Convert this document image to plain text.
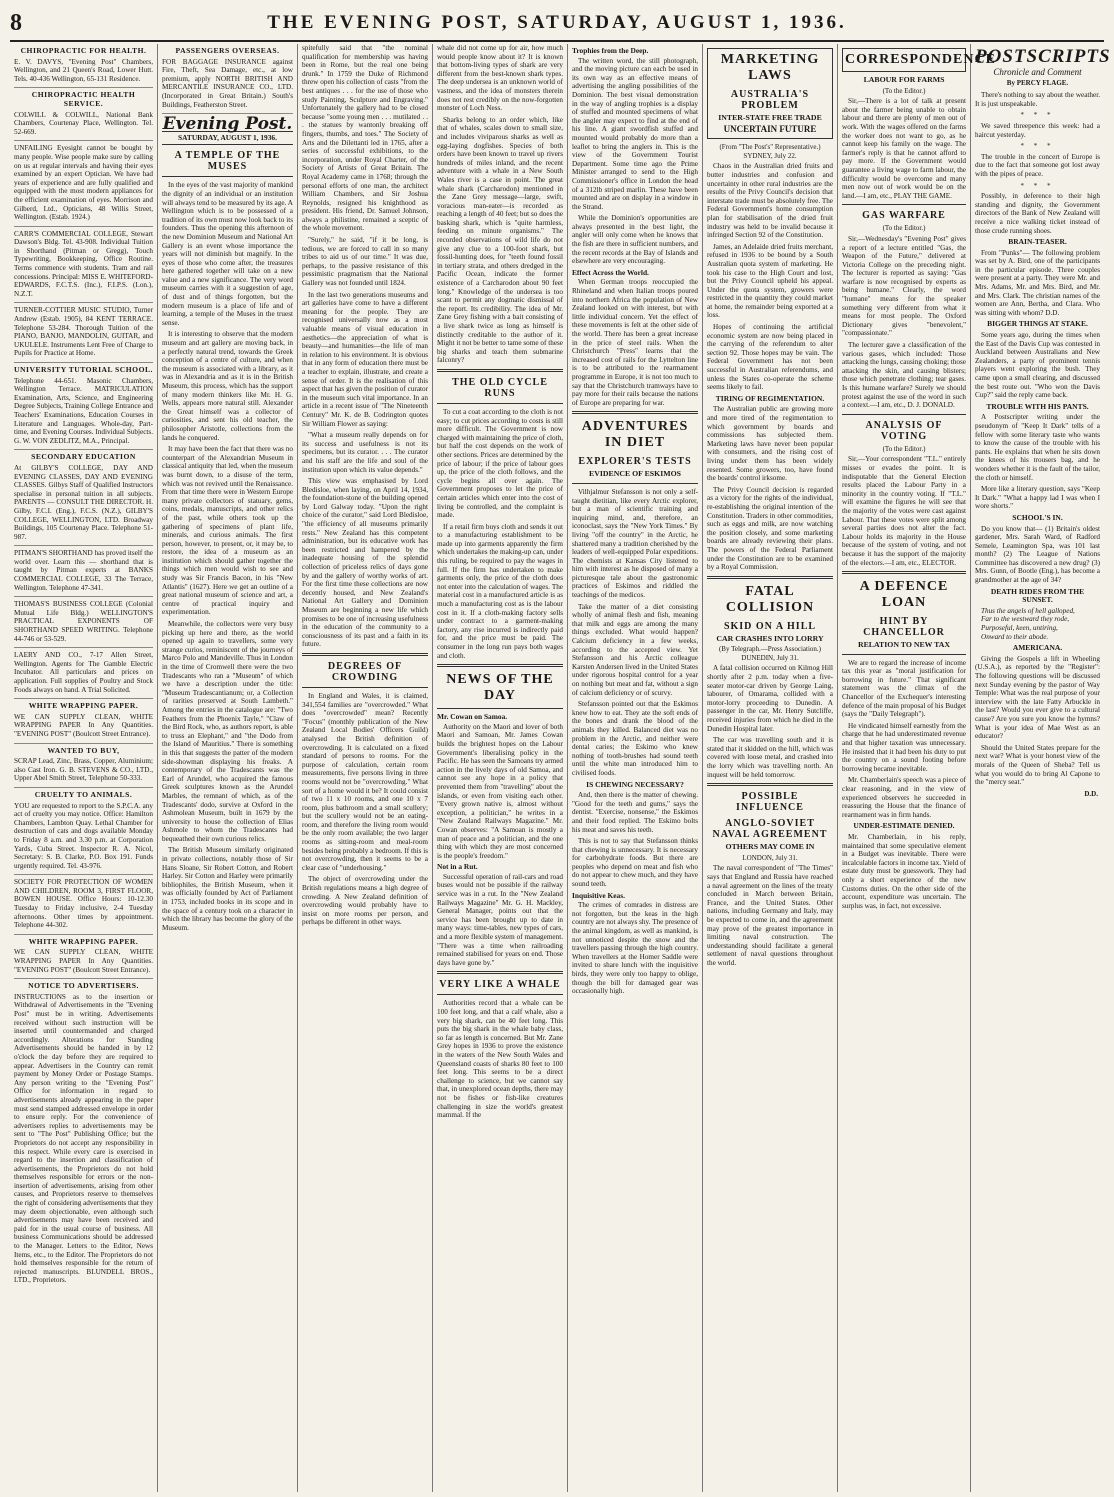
8	THE EVENING POST, SATURDAY, AUGUST 1, 1936.
CHIROPRACTIC FOR HEALTH.

E. V. DAVYS, "Evening Post" Chambers, Wellington, and 21 Queen's Road, Lower Hutt. Tels. 40-436 Wellington, 65-131 Residence.

CHIROPRACTIC HEALTH SERVICE.

COLWILL & COLWILL, National Bank Chambers, Courtenay Place, Wellington. Tel. 52-669.

UNFAILING Eyesight cannot be bought by many people. Wise people make sure by calling on us at regular intervals and having their eyes examined by an expert Optician. We have had years of experience and are fully qualified and equipped with the most modern appliances for the efficient examination of eyes. Morrison and Gilberd, Ltd., Opticians, 48 Willis Street, Wellington. (Estab. 1924.)

CARR'S COMMERCIAL COLLEGE, Stewart Dawson's Bldg. Tel. 43-908. Individual Tuition in Shorthand (Pitman or Gregg), Touch Typewriting, Bookkeeping, Office Routine. Terms commence with students. Tram and rail concessions. Principal: MISS E. WHITEFORD-EDWARDS, F.C.T.S. (Inc.), F.I.P.S. (Lon.), N.Z.T.

TURNER-COTTIER MUSIC STUDIO, Turner Andrew (Estab. 1905), 84 KENT TERRACE. Telephone 53-284. Thorough Tuition of the PIANO, BANJO, MANDOLIN, GUITAR, and UKULELE. Instruments Lent Free of Charge to Pupils for Practice at Home.

UNIVERSITY TUTORIAL SCHOOL.

Telephone 44-651. Masonic Chambers, Wellington Terrace. MATRICULATION Examination, Arts, Science, and Engineering Degree Subjects, Training College Entrance and Teachers' Examinations, Education Courses in Literature and Languages. Whole-day, Part-time, and Evening Courses. Individual Subjects. G. W. VON ZEDLITZ, M.A., Principal.

SECONDARY EDUCATION

At GILBY'S COLLEGE, DAY AND EVENING CLASSES, DAY AND EVENING CLASSES. Gilbys Staff of Qualified Instructors specialise in personal tuition in all subjects. PARENTS — CONSULT THE DIRECTOR. H. Gilby, F.C.I. (Eng.), F.C.S. (N.Z.), GILBY'S COLLEGE, WELLINGTON, LTD. Broadway Buildings, 105 Courtenay Place. Telephone 51-987.

PITMAN'S SHORTHAND has proved itself the world over. Learn this — shorthand that is taught by Pitman experts at BANKS COMMERCIAL COLLEGE, 33 The Terrace, Wellington. Telephone 47-341.

THOMAS'S BUSINESS COLLEGE (Colonial Mutual Life Bldg.) WELLINGTON'S PRACTICAL EXPONENTS OF SHORTHAND SPEED WRITING. Telephone 44-746 or 53-529.

LAERY AND CO., 7-17 Allen Street, Wellington. Agents for The Gamble Electric Incubator. All particulars and prices on application. Full supplies of Poultry and Stock Foods always on hand. A Trial Solicited.

WHITE WRAPPING PAPER.

WE CAN SUPPLY CLEAN, WHITE WRAPPING PAPER In Any Quantities. "EVENING POST" (Boulcott Street Entrance).

WANTED TO BUY,

SCRAP Lead, Zinc, Brass, Copper, Aluminium; also Cast Iron. G. B. STEVENS & CO., LTD., Upper Abel Smith Street, Telephone 50-333.

CRUELTY TO ANIMALS.

YOU are requested to report to the S.P.C.A. any act of cruelty you may notice. Office: Hamilton Chambers, Lambton Quay. Lethal Chamber for destruction of cats and dogs available Monday to Friday 8 a.m. and 3.30 p.m. at Corporation Yards, Cuba Street. Inspector R. A. Nicol, Secretary: S. B. Clarke, P.O. Box 191. Funds urgently required. Tel. 43-976.

SOCIETY FOR PROTECTION OF WOMEN AND CHILDREN, ROOM 3, FIRST FLOOR, BOWEN HOUSE. Office Hours: 10-12.30 Tuesday to Friday inclusive, 2-4 Tuesday afternoons. Other times by appointment. Telephone 44-302.

WHITE WRAPPING PAPER.

WE CAN SUPPLY CLEAN, WHITE WRAPPING PAPER In Any Quantities. "EVENING POST" (Boulcott Street Entrance).

NOTICE TO ADVERTISERS.

INSTRUCTIONS as to the insertion or Withdrawal of Advertisements in the "Evening Post" must be in writing. Advertisements received without such instruction will be inserted until countermanded and charged accordingly. Alterations for Standing Advertisements should be handed in by 12 o'clock the day before they are required to appear. Advertisers in the Country can remit payment by Money Order or Postage Stamps. Any person writing to the "Evening Post" Office for information in regard to advertisements already appearing in the paper must send stamped addressed envelope in order to ensure reply. For the convenience of advertisers replies to advertisements may be sent to "The Post" Publishing Office; but the Proprietors do not accept any responsibility in this respect. While every care is exercised in regard to the insertion and classification of advertisements, the Proprietors do not hold themselves responsible for errors or the non-insertion of advertisements, arising from other causes, and Proprietors reserve to themselves the right of considering advertisements that they may deem objectionable, even although such advertisements may have been received and paid for in the usual course of business. All business Communications should be addressed to the Manager. Letters to the Editor, News Items, etc., to the Editor. The Proprietors do not hold themselves responsible for the return of rejected manuscripts. BLUNDELL BROS., LTD., Proprietors.

PASSENGERS OVERSEAS.

FOR BAGGAGE INSURANCE against Fire, Theft, Sea Damage, etc., at low premium, apply NORTH BRITISH AND MERCANTILE INSURANCE CO., LTD. (Incorporated in Great Britain.) South's Buildings, Featherston Street.

Evening Post.
SATURDAY, AUGUST 1, 1936.
A TEMPLE OF THE MUSES

In the eyes of the vast majority of mankind the dignity of an individual or an institution will always tend to be measured by its age. A Wellington which is to be possessed of a tradition of its own must now look back to its founders. Thus the opening this afternoon of the new Dominion Museum and National Art Gallery is an event whose importance the years will not diminish but magnify. In the eyes of those who come after, the treasures here gathered together will take on a new value and a new significance. The very word museum carries with it a suggestion of age, of dust and of things forgotten, but the modern museum is a place of life and of learning, a temple of the Muses in the truest sense.

It is interesting to observe that the modern museum and art gallery are moving back, in a perfectly natural trend, towards the Greek conception of a centre of culture, and when the museum is associated with a library, as it was in Alexandria and as it is in the British Museum, this process, which has the support of many modern thinkers like Mr. H. G. Wells, appears more natural still. Alexander the Great himself was a collector of curiosities, and sent his old teacher, the philosopher Aristotle, collections from the lands he conquered.

It may have been the fact that there was no counterpart of the Alexandrian Museum in classical antiquity that led, when the museum was burnt down, to a disuse of the term, which was not revived until the Renaissance. From that time there were in Western Europe many private collectors of statuary, gems, coins, medals, manuscripts, and other relics of the past, while others took up the gathering of specimens of plant life, minerals, and curious animals. The first person, however, to present, or, it may be, to restore, the idea of a museum as an institution which should gather together the things which men would wish to see and study was Sir Francis Bacon, in his "New Atlantis" (1627). Here we get an outline of a great national museum of science and art, a centre of practical inquiry and experimentation.

Meanwhile, the collectors were very busy picking up here and there, as the world opened up again to travellers, some very strange curios, reminiscent of the journeys of Marco Polo and Mandeville. Thus in London in the time of Cromwell there were the two Tradescants who ran a "Museum" of which we have a description under the title: "Museum Tradescantianum; or, a Collection of rarities preserved at South Lambeth." Among the entries in the catalogue are: "Two Feathers from the Phoenix Tayle," "Claw of the Bird Rock, who, as authors report, is able to truss an Elephant," and "the Dodo from the Island of Mauritius." There is something in this that suggests the patter of the modern side-showman displaying his freaks. A contemporary of the Tradescants was the Earl of Arundel, who acquired the famous Greek sculptures known as the Arundel Marbles, the remnant of which, as of the Tradescants' dodo, survive at Oxford in the Ashmolean Museum, built in 1679 by the university to house the collection of Elias Ashmole to whom the Tradescants had bequeathed their own curious relics.

The British Museum similarly originated in private collections, notably those of Sir Hans Sloane, Sir Robert Cotton, and Robert Harley. Sir Cotton and Harley were primarily bibliophiles, the British Museum, when it was officially founded by Act of Parliament in 1753, included books in its scope and in the space of a century took on a character in which the library has become the glory of the Museum.

spitefully said that "the nominal qualification for membership was having been in Rome, but the real one being drunk." In 1759 the Duke of Richmond threw open his collection of casts "from the best antiques . . . for the use of those who study Painting, Sculpture and Engraving." Unfortunately the gallery had to be closed because "some young men . . . mutilated . . . the statues by wantonly breaking off fingers, thumbs, and toes." The Society of Arts and the Dilettanti led in 1765, after a series of successful exhibitions, to the incorporation, under Royal Charter, of the Society of Artists of Great Britain. The Royal Academy came in 1768; through the personal efforts of one man, the architect William Chambers, and Sir Joshua Reynolds, resigned his knighthood as president. His friend, Dr. Samuel Johnson, always a philistine, remained a sceptic of the whole movement.

"Surely," he said, "if it be long, is tedious, we are forced to call in so many tribes to aid us of our time." It was due, perhaps, to the passive resistance of this pessimistic pragmatism that the National Gallery was not founded until 1824.

In the last two generations museums and art galleries have come to have a different meaning for the people. They are recognised universally now as a most valuable means of visual education in aesthetics—the appreciation of what is beauty—and humanities—the life of man in relation to his environment. It is obvious that in any form of education there must be a teacher to explain, illustrate, and create a sense of order. It is the realisation of this aspect that has given the position of curator in the museum such vital importance. In an article in a recent issue of "The Nineteenth Century" Mr. K. de B. Codrington quotes Sir William Flower as saying:

"What a museum really depends on for its success and usefulness is not its specimens, but its curator. . . . The curator and his staff are the life and soul of the institution upon which its value depends."

This view was emphasised by Lord Bledisloe, when laying, on April 14, 1934, the foundation-stone of the building opened by Lord Galway today. "Upon the right choice of the curator," said Lord Bledisloe, "the efficiency of all museums primarily rests." New Zealand has this competent administration, but its educative work has been restricted and hampered by the inadequate housing of the splendid collection of priceless relics of days gone by and the gallery of worthy works of art. For the first time these collections are now decently housed, and New Zealand's National Art Gallery and Dominion Museum are beginning a new life which promises to be one of increasing usefulness in the education of the community to a consciousness of its past and a faith in its future.

DEGREES OF CROWDING

In England and Wales, it is claimed, 341,554 families are "overcrowded." What does "overcrowded" mean? Recently "Focus" (monthly publication of the New Zealand Local Bodies' Officers Guild) analysed the British definition of overcrowding. It is calculated on a fixed standard of persons to rooms. For the purpose of calculation, certain room measurements, five persons living in three rooms would not be "overcrowding." What sort of a home would it be? It could consist of two 11 x 10 rooms, and one 10 x 7 room, plus bathroom and a small scullery; but the scullery would not be an eating-room, and therefore the living room would be the only room available; the two larger rooms as sitting-room and meal-room besides being probably a bedroom. If this is not overcrowding, then it seems to be a clear case of "underhousing."

The object of overcrowding under the British regulations means a high degree of crowding. A New Zealand definition of overcrowding would probably have to insist on more rooms per person, and perhaps be different in other ways.

whale did not come up for air, how much would people know about it? It is known that bottom-living types of shark are very different from the best-known shark types. The deep undersea is an unknown world of vastness, and the idea of monsters therein does not rest credibly on the now-forgotten monster of Loch Ness.

Sharks belong to an order which, like that of whales, scales down to small size, and includes viviparous sharks as well as egg-laying dogfishes. Species of both orders have been known to travel up rivers hundreds of miles inland, and the recent adventure with a whale in a New South Wales river is a case in point. The great whale shark (Carcharodon) mentioned in the Zane Grey message—large, swift, voracious man-eater—is recorded as reaching a length of 40 feet; but so does the basking shark, which is "quite harmless, feeding on minute organisms." The recorded observations of wild life do not give any clue to a 100-foot shark, but fossil-hunting does, for "teeth found fossil in tertiary strata, and others dredged in the Pacific Ocean, indicate the former existence of a Carcharodon about 90 feet long." Knowledge of the undersea is too scant to permit any dogmatic dismissal of the report. Its credibility. The idea of Mr. Zane Grey fishing with a bait consisting of a live shark twice as long as himself is distinctly creditable to the author of it. Might it not be better to tame some of these big sharks and teach them submarine falconry?

THE OLD CYCLE RUNS

To cut a coat according to the cloth is not easy; to cut prices according to costs is still more difficult. The Government is now charged with maintaining the price of cloth, but half the cost depends on the work of other sections. Prices are determined by the price of labour; if the price of labour goes up, the price of the cloth follows, and the cycle begins all over again. The Government proposes to let the price of certain articles which enter into the cost of living be controlled, and the complaint is made.

If a retail firm buys cloth and sends it out to a manufacturing establishment to be made up into garments apparently the firm which undertakes the making-up can, under this ruling, be required to pay the wages in full. If the firm has undertaken to make garments only, the price of the cloth does not enter into the calculation of wages. The material cost in a manufactured article is as much a manufacturing cost as is the labour cost in it. If a cloth-making factory sells under contract to a garment-making factory, any rise incurred is indirectly paid for, and the price must be paid. The consumer in the long run pays both wages and cloth.

NEWS OF THE DAY

Mr. Cowan on Samoa.

Authority on the Maori and lover of both Maori and Samoan, Mr. James Cowan builds the brightest hopes on the Labour Government's liberalising policy in the Pacific. He has seen the Samoans try armed action in the lively days of old Samoa, and cannot see any hope in a policy that prevented them from "travelling" about the islands, or even from visiting each other. "Every grown native is, almost without exception, a politician," he writes in a "New Zealand Railways Magazine." Mr. Cowan observes: "A Samoan is mostly a man of peace and a politician, and the one thing with which they are most concerned is the people's freedom."

Not in a Rut.

Successful operation of rail-cars and road buses would not be possible if the railway service was in a rut. In the "New Zealand Railways Magazine" Mr. G. H. Mackley, General Manager, points out that the service has been brought up to date in many ways: time-tables, new types of cars, and a more flexible system of management. "There was a time when railroading remained stabilised for years on end. Those days have gone by."

VERY LIKE A WHALE

Authorities record that a whale can be 100 feet long, and that a calf whale, also a very big shark, can be 40 feet long. This puts the big shark in the whale baby class, so far as length is concerned. But Mr. Zane Grey hopes in 1936 to prove the existence in the waters of the New South Wales and Queensland coasts of sharks 80 feet to 100 feet long. This seems to be a direct challenge to science, but we cannot say that, in unexplored ocean depths, there may not be fishes or fish-like creatures challenging in size the world's greatest mammal. If the

Trophies from the Deep.

The written word, the still photograph, and the moving picture can each be used in its own way as an effective means of advertising the angling possibilities of the Dominion. The best visual demonstration in the way of angling trophies is a display of stuffed and mounted specimens of what the angler may expect to find at the end of his line. A giant swordfish stuffed and mounted would probably do more than a leaflet to bring the anglers in. This is the view of the Government Tourist Department. Some time ago the Prime Minister arranged to send to the High Commissioner's office in London the head of a 312lb striped marlin. These have been mounted and are on display in a window in the Strand.

While the Dominion's opportunities are always presented in the best light, the angler will only come when he knows that the fish are there in sufficient numbers, and the recent records at the Bay of Islands and elsewhere are very encouraging.

Effect Across the World.

When German troops reoccupied the Rhineland and when Italian troops poured into northern Africa the population of New Zealand looked on with interest, but with little individual concern. Yet the effect of these movements is felt at the other side of the world. There has been a great increase in the price of steel rails. When the Christchurch "Press" learns that the increased cost of rails for the Lyttelton line is to be attributed to the rearmament programme in Europe, it is not too much to say that the Christchurch tramways have to pay more for their rails because the nations of Europe are preparing for war.

ADVENTURES IN DIET
EXPLORER'S TESTS
EVIDENCE OF ESKIMOS

Vilhjalmur Stefansson is not only a self-taught dietitian, like every Arctic explorer, but a man of scientific training and inquiring mind, and, therefore, an iconoclast, says the "New York Times." By living "off the country" in the Arctic, he shattered many a tradition cherished by the leaders of well-equipped Polar expeditions. The chemists at Kansas City listened to him with interest as he disposed of many a picturesque tale about the gastronomic practices of Eskimos and riddled the teachings of the medicos.

Take the matter of a diet consisting wholly of animal flesh and fish, meaning that milk and eggs are among the many things excluded. What would happen? Calcium deficiency in a few weeks, according to the accepted view. Yet Stefansson and his Arctic colleague Karsten Andersen lived in the United States under rigorous hospital control for a year on nothing but meat and fat, without a sign of calcium deficiency or of scurvy.

Stefansson pointed out that the Eskimos knew how to eat. They ate the soft ends of the bones and drank the blood of the animals they killed. Balanced diet was no problem in the Arctic, and neither were dental caries; the Eskimo who knew nothing of tooth-brushes had sound teeth until the white man introduced him to civilised foods.

IS CHEWING NECESSARY?

And, then there is the matter of chewing. "Good for the teeth and gums," says the dentist. "Exercise, nonsense," the Eskimos and their food replied. The Eskimo bolts his meat and saves his teeth.

This is not to say that Stefansson thinks that chewing is unnecessary. It is necessary for carbohydrate foods. But there are peoples who depend on meat and fish who do not appear to chew much, and they have sound teeth.

Inquisitive Keas.

The crimes of comrades in distress are not forgotten, but the keas in the high country are not always shy. The presence of the animal kingdom, as well as mankind, is not unnoticed despite the snow and the travellers passing through the high country. When travellers at the Homer Saddle were invited to share lunch with the inquisitive birds, they were only too happy to oblige, though the bill for damaged gear was occasionally high.

MARKETING LAWS
AUSTRALIA'S PROBLEM
INTER-STATE FREE TRADE
UNCERTAIN FUTURE
(From "The Post's" Representative.) SYDNEY, July 22.

Chaos in the Australian dried fruits and butter industries and confusion and uncertainty in other rural industries are the results of the Privy Council's decision that interstate trade must be absolutely free. The Federal Government's home consumption plan for stabilisation of the dried fruit industry was held to be invalid because it infringed Section 92 of the Constitution.

James, an Adelaide dried fruits merchant, refused in 1936 to be bound by a South Australian quota system of marketing. He took his case to the High Court and lost, but the Privy Council upheld his appeal. Under the quota system, growers were restricted in the quantity they could market at home, the remainder being exported at a loss.

Hopes of continuing the artificial economic system are now being placed in the carrying of the referendum to alter section 92. Those hopes may be vain. The Federal Government has not been successful in Australian referendums, and unless the States co-operate the scheme seems likely to fail.

TIRING OF REGIMENTATION.

The Australian public are growing more and more tired of the regimentation to which government by boards and commissions has subjected them. Marketing laws have never been popular with consumers, and the rising cost of living under them has been widely resented. Some growers, too, have found the boards' control irksome.

The Privy Council decision is regarded as a victory for the rights of the individual, re-establishing the original intention of the Constitution. Traders in other commodities, such as eggs and milk, are now watching the position closely, and some marketing boards are already reviewing their plans. The powers of the Federal Parliament under the Constitution are to be examined by a Royal Commission.

FATAL COLLISION
SKID ON A HILL
CAR CRASHES INTO LORRY
(By Telegraph.—Press Association.) DUNEDIN, July 31.

A fatal collision occurred on Kilmog Hill shortly after 2 p.m. today when a five-seater motor-car driven by George Laing, labourer, of Omarama, collided with a motor-lorry proceeding to Dunedin. A passenger in the car, Mr. Henry Sutcliffe, received injuries from which he died in the Dunedin Hospital later.

The car was travelling south and it is stated that it skidded on the hill, which was covered with loose metal, and crashed into the lorry which was travelling north. An inquest will be held tomorrow.

POSSIBLE INFLUENCE
ANGLO-SOVIET NAVAL AGREEMENT
OTHERS MAY COME IN
LONDON, July 31.

The naval correspondent of "The Times" says that England and Russia have reached a naval agreement on the lines of the treaty concluded in March between Britain, France, and the United States. Other nations, including Germany and Italy, may be expected to come in, and the agreement may prove of the greatest importance in limiting naval construction. The understanding should facilitate a general settlement of naval questions throughout the world.

CORRESPONDENCE
LABOUR FOR FARMS
(To the Editor.)

Sir,—There is a lot of talk at present about the farmer being unable to obtain labour and there are plenty of men out of work. With the wages offered on the farms the worker does not want to go, as he cannot keep his family on the wage. The farmer's reply is that he cannot afford to pay more. If the Government would guarantee a living wage to farm labour, the difficulty would be overcome and many men now out of work would be on the land.—I am, etc., PLAY THE GAME.

GAS WARFARE
(To the Editor.)

Sir,—Wednesday's "Evening Post" gives a report of a lecture entitled "Gas, the Weapon of the Future," delivered at Victoria College on the preceding night. The lecturer is reported as saying: "Gas warfare is now recognised by experts as being humane." Clearly, the word "humane" means for the speaker something very different from what it means for most people. The Oxford Dictionary gives "benevolent," "compassionate."

The lecturer gave a classification of the various gases, which included: Those attacking the lungs, causing choking; those attacking the skin, and causing blisters; those which penetrate clothing; tear gases. Is this humane warfare? Surely we should protest against the use of the word in such a context.—I am, etc., D. J. DONALD.

ANALYSIS OF VOTING
(To the Editor.)

Sir,—Your correspondent "T.L." entirely misses or evades the point. It is indisputable that the General Election results placed the Labour Party in a minority in the country voting. If "T.L." will examine the figures he will see that the majority of the votes were cast against Labour. That these votes were split among several parties does not alter the fact. Labour holds its majority in the House because of the system of voting, and not because it has the support of the majority of the electors.—I am, etc., ELECTOR.

A DEFENCE LOAN
HINT BY CHANCELLOR
RELATION TO NEW TAX

We are to regard the increase of income tax this year as "moral justification for borrowing in future." That significant statement was the climax of the Chancellor of the Exchequer's interesting defence of the main proposal of his Budget (says the "Daily Telegraph").

He vindicated himself earnestly from the charge that he had underestimated revenue and that higher taxation was unnecessary. He insisted that it had been his duty to put the country on a sound footing before borrowing became inevitable.

Mr. Chamberlain's speech was a piece of clear reasoning, and in the view of experienced observers he succeeded in reassuring the House that the finance of rearmament was in firm hands.

UNDER-ESTIMATE DENIED.

Mr. Chamberlain, in his reply, maintained that some speculative element in a Budget was inevitable. There were incalculable factors in income tax. Yield of estate duty must be guesswork. They had only a short experience of the new Customs duties. On the other side of the account, expenditure was uncertain. The surplus was, in fact, not excessive.

POSTSCRIPTS
Chronicle and Comment
By PERCY FLAGE.

There's nothing to say about the weather. It is just unspeakable.

* * *

We saved threepence this week: had a haircut yesterday.

* * *

The trouble in the concert of Europe is due to the fact that someone got lost away with the pipes of peace.

* * *

Possibly, in deference to their high standing and dignity, the Government directors of the Bank of New Zealand will receive a nice walking ticket instead of those crude running shoes.

BRAIN-TEASER.

From "Punks"— The following problem was set by A. Bird, one of the participants in the particular episode. Three couples were present at a party. They were Mr. and Mrs. Adams, Mr. and Mrs. Bird, and Mr. and Mrs. Clark. The christian names of the women are Ann, Bertha, and Clara. Who was sitting with whom? D.D.

BIGGER THINGS AT STAKE.

Some years ago, during the times when the East of the Davis Cup was contested in Auckland between Australians and New Zealanders, a party of prominent tennis players went exploring the bush. They came upon a small clearing, and discussed the best route out. "Who won the Davis Cup?" said the reply came back.

TROUBLE WITH HIS PANTS.

A Postscripter writing under the pseudonym of "Keep It Dark" tells of a fellow with some literary taste who wants to know the cause of the trouble with his pants. He explains that when he sits down the knees of his trousers bag, and he wonders whether it is the fault of the tailor, the cloth or himself.

More like a literary question, says "Keep It Dark." "What a happy lad I was when I wore shorts."

SCHOOL'S IN.

Do you know that— (1) Britain's oldest gardener, Mrs. Sarah Ward, of Radford Semele, Leamington Spa, was 101 last month? (2) The League of Nations Committee has discovered a new drug? (3) Mrs. Gunn, of Bootle (Eng.), has become a grandmother at the age of 34?

DEATH RIDES FROM THE SUNSET.

Thus the angels of hell galloped,

Far to the westward they rode,

Purposeful, keen, untiring,

Onward to their abode.

AMERICANA.

Giving the Gospels a lift in Wheeling (U.S.A.), as reported by the "Register": The following questions will be discussed next Sunday evening by the pastor of Way Temple: What was the real purpose of your interview with the late Fatty Arbuckle in the last? Would you ever give to a cultural cause? Are you sure you know the hymns? What is your idea of Mae West as an educator?

Should the United States prepare for the next war? What is your honest view of the morals of the Queen of Sheba? Tell us what you would do to bring Al Capone to the "mercy seat."

D.D.
